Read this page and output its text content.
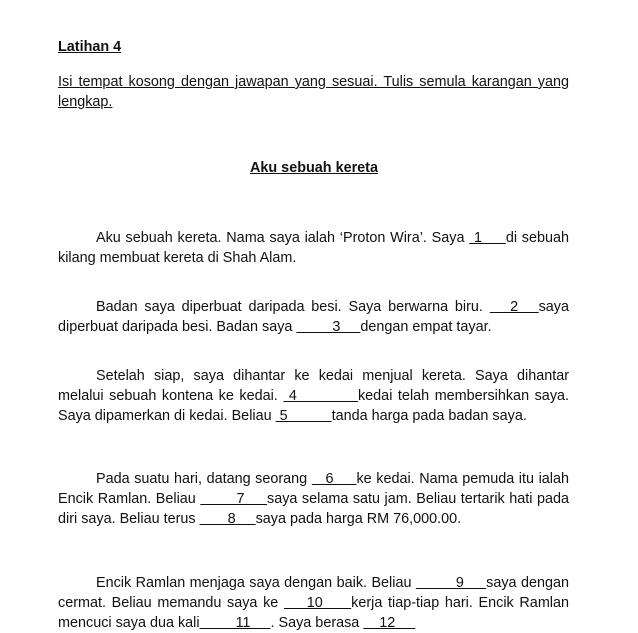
Latihan 4

Isi tempat kosong dengan jawapan yang sesuai. Tulis semula karangan yang lengkap.

Aku sebuah kereta

Aku sebuah kereta. Nama saya ialah ‘Proton Wira’. Saya  1     di sebuah kilang membuat kereta di Shah Alam.

Badan saya diperbuat daripada besi. Saya berwarna biru.    2   saya diperbuat daripada besi. Badan saya          3     dengan empat tayar.

Setelah siap, saya dihantar ke kedai menjual kereta. Saya dihantar melalui sebuah kontena ke kedai.  4           kedai telah membersihkan saya. Saya dipamerkan di kedai. Beliau  5           tanda harga pada badan saya.

Pada suatu hari, datang seorang    6     ke kedai. Nama pemuda itu ialah Encik Ramlan. Beliau         7     saya selama satu jam. Beliau tertarik hati pada diri saya. Beliau terus        8     saya pada harga RM 76,000.00.

Encik Ramlan menjaga saya dengan baik. Beliau          9     saya dengan cermat. Beliau memandu saya ke     10     kerja tiap-tiap hari. Encik Ramlan mencuci saya dua kali         11     . Saya berasa     12
